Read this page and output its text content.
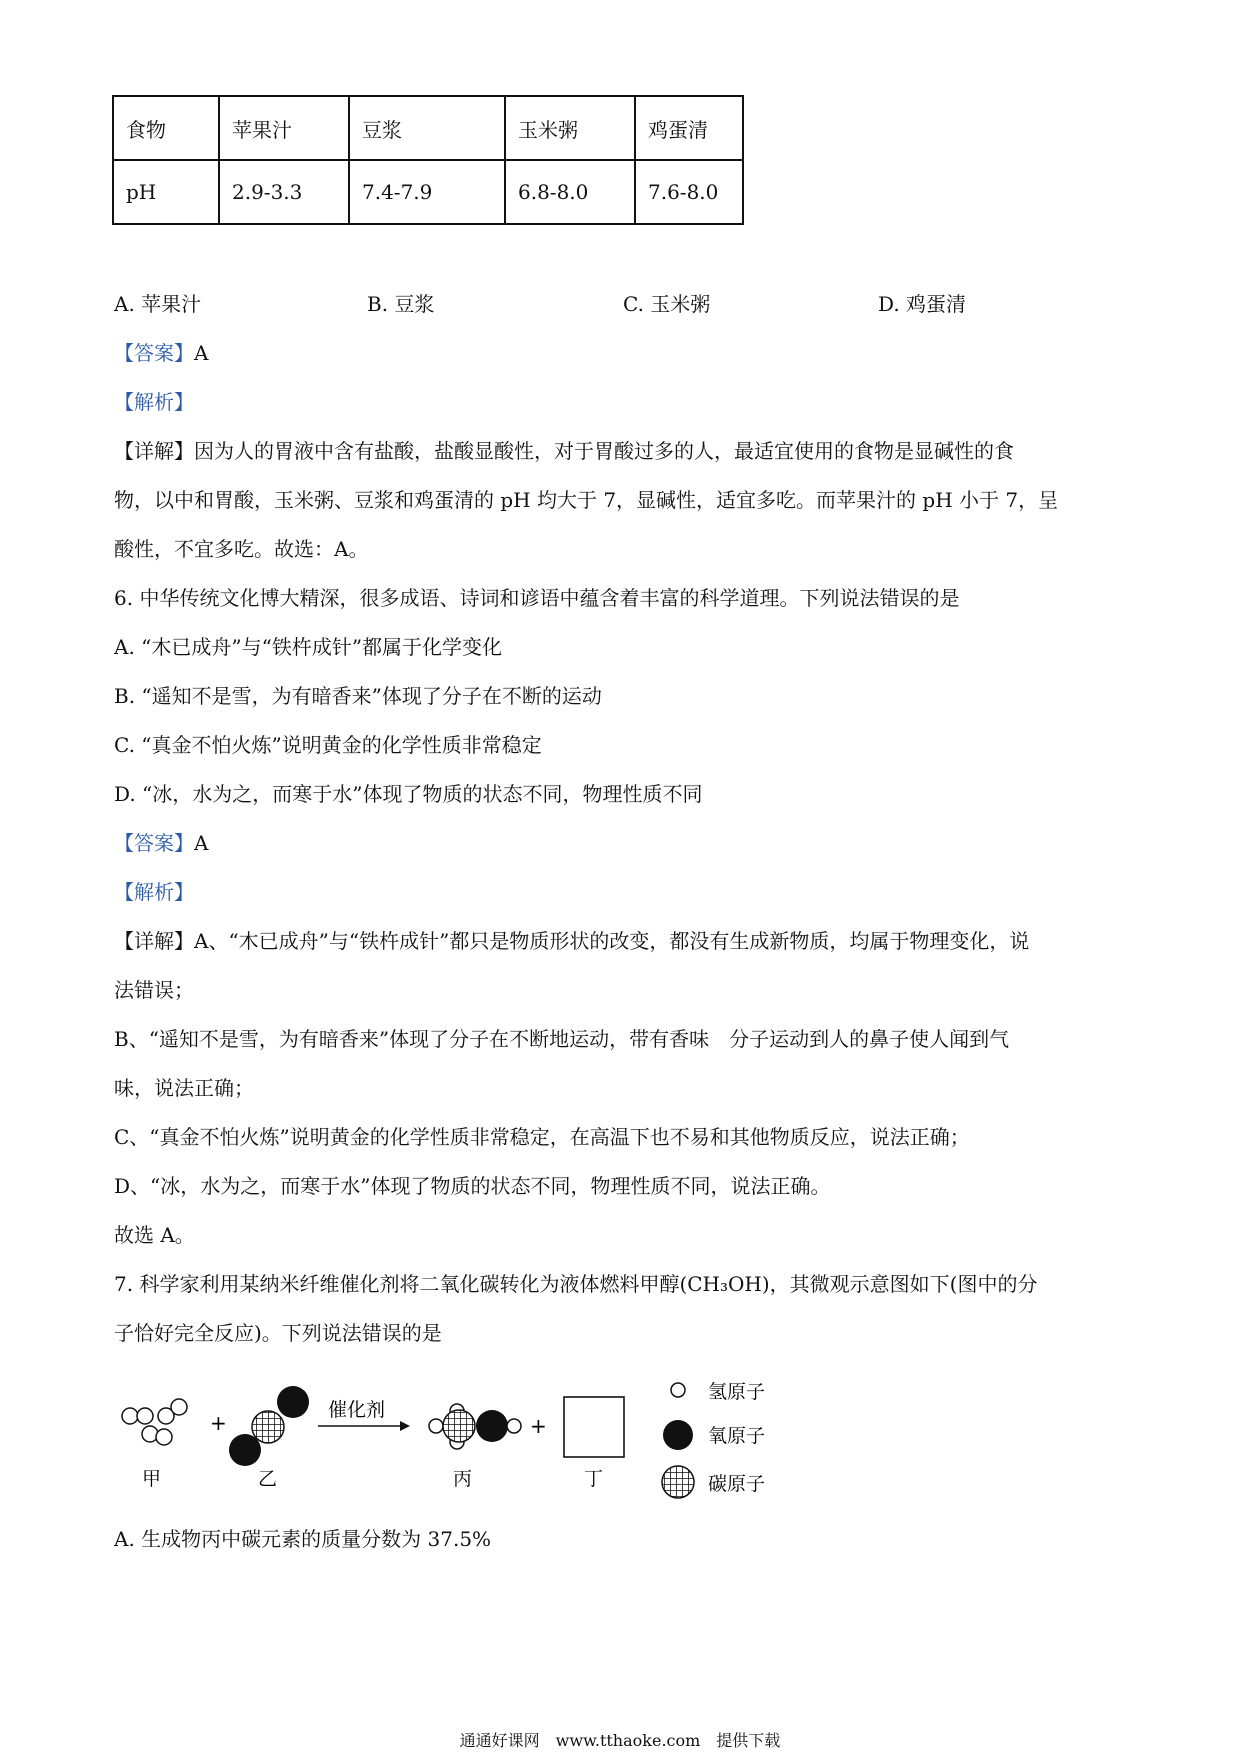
食物	苹果汁	豆浆	玉米粥	鸡蛋清
pH	2.9-3.3	7.4-7.9	6.8-8.0	7.6-8.0
A. 苹果汁	B. 豆浆	C. 玉米粥	D. 鸡蛋清
【答案】A
【解析】
【详解】因为人的胃液中含有盐酸，盐酸显酸性，对于胃酸过多的人，最适宜使用的食物是显碱性的食
物，以中和胃酸，玉米粥、豆浆和鸡蛋清的 pH 均大于 7，显碱性，适宜多吃。而苹果汁的 pH 小于 7，呈
酸性，不宜多吃。故选：A。
6. 中华传统文化博大精深，很多成语、诗词和谚语中蕴含着丰富的科学道理。下列说法错误的是
A. “木已成舟”与“铁杵成针”都属于化学变化
B. “遥知不是雪，为有暗香来”体现了分子在不断的运动
C. “真金不怕火炼”说明黄金的化学性质非常稳定
D. “冰，水为之，而寒于水”体现了物质的状态不同，物理性质不同
【答案】A
【解析】
【详解】A、“木已成舟”与“铁杵成针”都只是物质形状的改变，都没有生成新物质，均属于物理变化，说
法错误；
B、“遥知不是雪，为有暗香来”体现了分子在不断地运动，带有香味　分子运动到人的鼻子使人闻到气
味，说法正确；
C、“真金不怕火炼”说明黄金的化学性质非常稳定，在高温下也不易和其他物质反应，说法正确；
D、“冰，水为之，而寒于水”体现了物质的状态不同，物理性质不同，说法正确。
故选 A。
7. 科学家利用某纳米纤维催化剂将二氧化碳转化为液体燃料甲醇(CH₃OH)，其微观示意图如下(图中的分
子恰好完全反应)。下列说法错误的是
+
催化剂
+
氢原子
氧原子
碳原子
甲	乙	丙	丁
A. 生成物丙中碳元素的质量分数为 37.5%
通通好课网　www.tthaoke.com　提供下载
